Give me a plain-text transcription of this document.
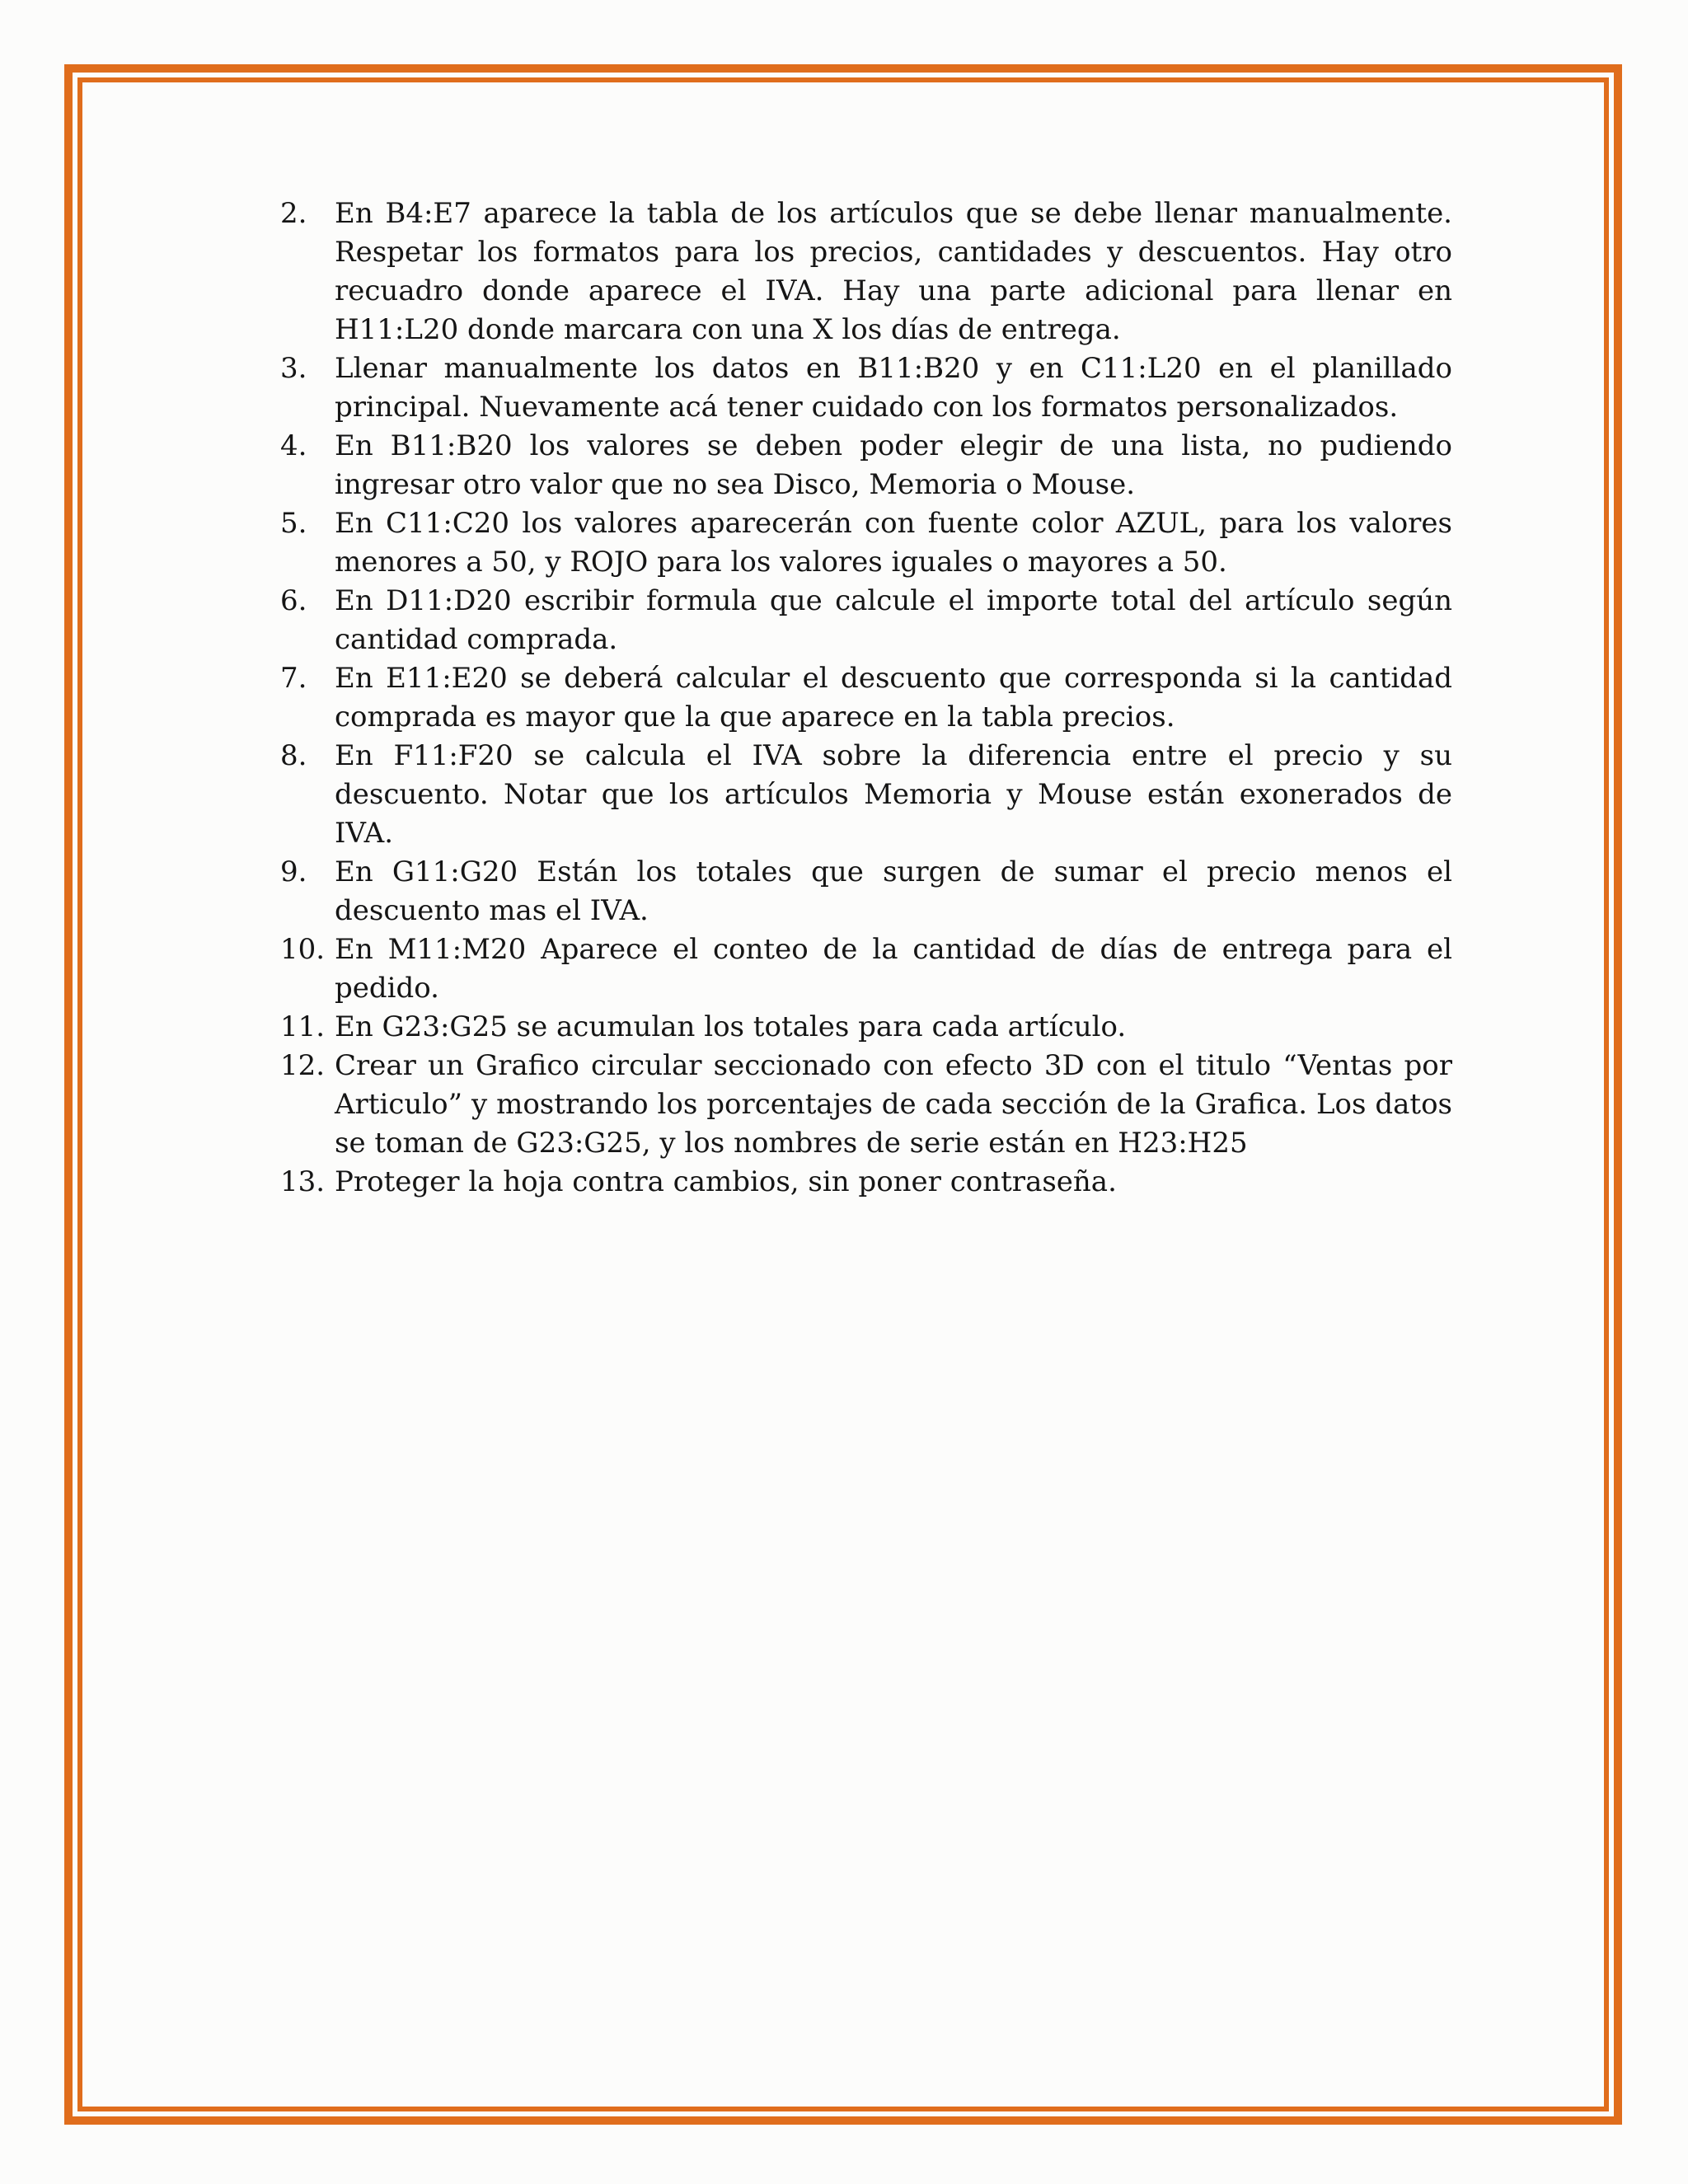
2. En B4:E7 aparece la tabla de los artículos que se debe llenar manualmente. Respetar los formatos para los precios, cantidades y descuentos. Hay otro recuadro donde aparece el IVA. Hay una parte adicional para llenar en H11:L20 donde marcara con una X los días de entrega.
3. Llenar manualmente los datos en B11:B20 y en C11:L20 en el planillado principal. Nuevamente acá tener cuidado con los formatos personalizados.
4. En B11:B20 los valores se deben poder elegir de una lista, no pudiendo ingresar otro valor que no sea Disco, Memoria o Mouse.
5. En C11:C20 los valores aparecerán con fuente color AZUL, para los valores menores a 50, y ROJO para los valores iguales o mayores a 50.
6. En D11:D20 escribir formula que calcule el importe total del artículo según cantidad comprada.
7. En E11:E20 se deberá calcular el descuento que corresponda si la cantidad comprada es mayor que la que aparece en la tabla precios.
8. En F11:F20 se calcula el IVA sobre la diferencia entre el precio y su descuento. Notar que los artículos Memoria y Mouse están exonerados de IVA.
9. En G11:G20 Están los totales que surgen de sumar el precio menos el descuento mas el IVA.
10. En M11:M20 Aparece el conteo de la cantidad de días de entrega para el pedido.
11. En G23:G25 se acumulan los totales para cada artículo.
12. Crear un Grafico circular seccionado con efecto 3D con el titulo “Ventas por Articulo” y mostrando los porcentajes de cada sección de la Grafica. Los datos se toman de G23:G25, y los nombres de serie están en H23:H25
13. Proteger la hoja contra cambios, sin poner contraseña.
